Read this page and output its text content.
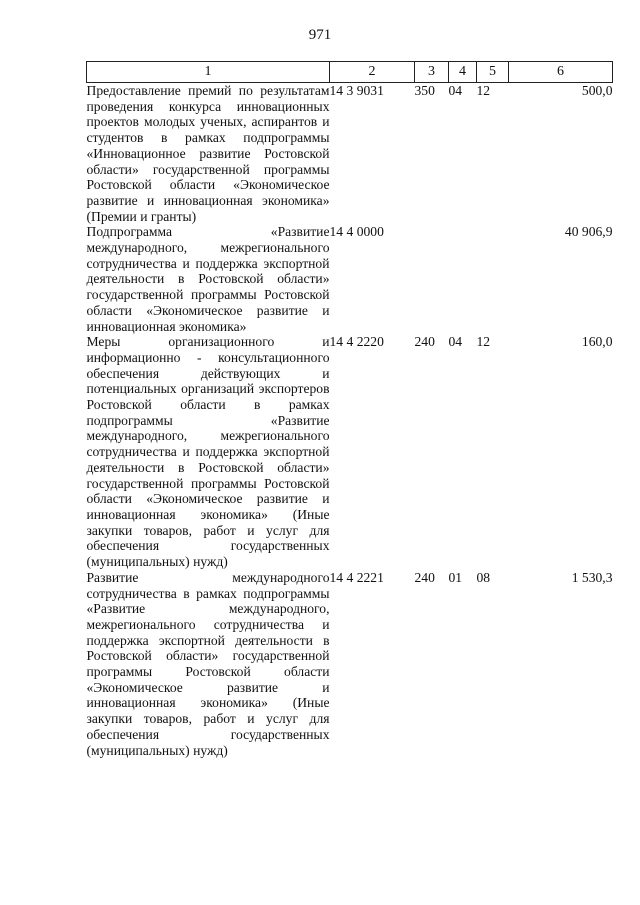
971
1	2	3	4	5	6
Предоставление премий по результатам проведения конкурса инновационных проектов молодых ученых, аспирантов и студентов в рамках подпрограммы «Инновационное развитие Ростовской области» государственной программы Ростовской области «Экономическое развитие и инновационная экономика» (Премии и гранты)	14 3 9031	350	04	12	500,0
Подпрограмма «Развитие международного, межрегионального сотрудничества и поддержка экспортной деятельности в Ростовской области» государственной программы Ростовской области «Экономическое развитие и инновационная экономика»	14 4 0000				40 906,9
Меры организационного и информационно - консультационного обеспечения действующих и потенциальных организаций экспортеров Ростовской области в рамках подпрограммы «Развитие международного, межрегионального сотрудничества и поддержка экспортной деятельности в Ростовской области» государственной программы Ростовской области «Экономическое развитие и инновационная экономика» (Иные закупки товаров, работ и услуг для обеспечения государственных (муниципальных) нужд)	14 4 2220	240	04	12	160,0
Развитие международного сотрудничества в рамках подпрограммы «Развитие международного, межрегионального сотрудничества и поддержка экспортной деятельности в Ростовской области» государственной программы Ростовской области «Экономическое развитие и инновационная экономика» (Иные закупки товаров, работ и услуг для обеспечения государственных (муниципальных) нужд)	14 4 2221	240	01	08	1 530,3
